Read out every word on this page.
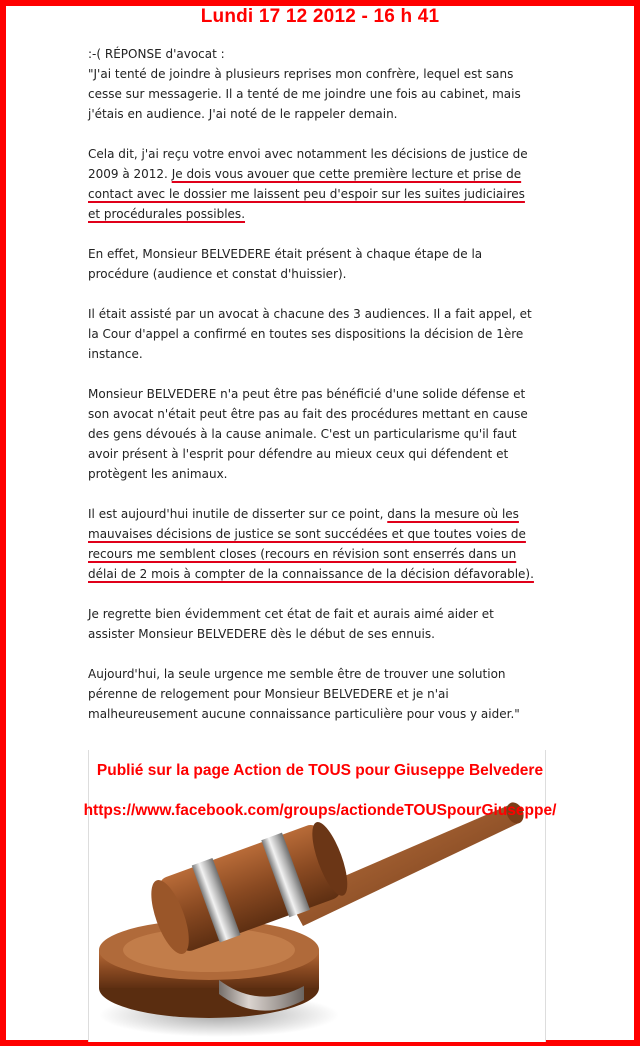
Lundi 17 12 2012 - 16 h 41

:-( RÉPONSE d'avocat :

"J'ai tenté de joindre à plusieurs reprises mon confrère, lequel est sans cesse sur messagerie. Il a tenté de me joindre une fois au cabinet, mais j'étais en audience. J'ai noté de le rappeler demain.

Cela dit, j'ai reçu votre envoi avec notamment les décisions de justice de 2009 à 2012. Je dois vous avouer que cette première lecture et prise de contact avec le dossier me laissent peu d'espoir sur les suites judiciaires et procédurales possibles.

En effet, Monsieur BELVEDERE était présent à chaque étape de la procédure (audience et constat d'huissier).

Il était assisté par un avocat à chacune des 3 audiences. Il a fait appel, et la Cour d'appel a confirmé en toutes ses dispositions la décision de 1ère instance.

Monsieur BELVEDERE n'a peut être pas bénéficié d'une solide défense et son avocat n'était peut être pas au fait des procédures mettant en cause des gens dévoués à la cause animale. C'est un particularisme qu'il faut avoir présent à l'esprit pour défendre au mieux ceux qui défendent et protègent les animaux.

Il est aujourd'hui inutile de disserter sur ce point, dans la mesure où les mauvaises décisions de justice se sont succédées et que toutes voies de recours me semblent closes (recours en révision sont enserrés dans un délai de 2 mois à compter de la connaissance de la décision défavorable).

Je regrette bien évidemment cet état de fait et aurais aimé aider et assister Monsieur BELVEDERE dès le début de ses ennuis.

Aujourd'hui, la seule urgence me semble être de trouver une solution pérenne de relogement pour Monsieur BELVEDERE et je n'ai malheureusement aucune connaissance particulière pour vous y aider."

Publié sur la page Action de TOUS pour Giuseppe Belvedere
https://www.facebook.com/groups/actiondeTOUSpourGiuseppe/
